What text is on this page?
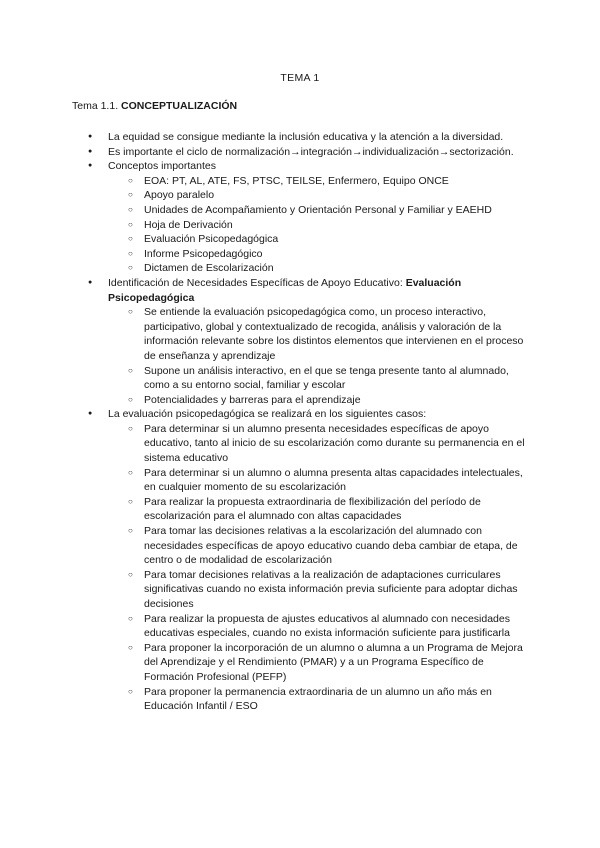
TEMA 1
Tema 1.1. CONCEPTUALIZACIÓN
● La equidad se consigue mediante la inclusión educativa y la atención a la diversidad.
● Es importante el ciclo de normalización→integración→individualización→sectorización.
● Conceptos importantes
○ EOA: PT, AL, ATE, FS, PTSC, TEILSE, Enfermero, Equipo ONCE
○ Apoyo paralelo
○ Unidades de Acompañamiento y Orientación Personal y Familiar y EAEHD
○ Hoja de Derivación
○ Evaluación Psicopedagógica
○ Informe Psicopedagógico
○ Dictamen de Escolarización
● Identificación de Necesidades Específicas de Apoyo Educativo: Evaluación Psicopedagógica
○ Se entiende la evaluación psicopedagógica como, un proceso interactivo, participativo, global y contextualizado de recogida, análisis y valoración de la información relevante sobre los distintos elementos que intervienen en el proceso de enseñanza y aprendizaje
○ Supone un análisis interactivo, en el que se tenga presente tanto al alumnado, como a su entorno social, familiar y escolar
○ Potencialidades y barreras para el aprendizaje
● La evaluación psicopedagógica se realizará en los siguientes casos:
○ Para determinar si un alumno presenta necesidades específicas de apoyo educativo, tanto al inicio de su escolarización como durante su permanencia en el sistema educativo
○ Para determinar si un alumno o alumna presenta altas capacidades intelectuales, en cualquier momento de su escolarización
○ Para realizar la propuesta extraordinaria de flexibilización del período de escolarización para el alumnado con altas capacidades
○ Para tomar las decisiones relativas a la escolarización del alumnado con necesidades específicas de apoyo educativo cuando deba cambiar de etapa, de centro o de modalidad de escolarización
○ Para tomar decisiones relativas a la realización de adaptaciones curriculares significativas cuando no exista información previa suficiente para adoptar dichas decisiones
○ Para realizar la propuesta de ajustes educativos al alumnado con necesidades educativas especiales, cuando no exista información suficiente para justificarla
○ Para proponer la incorporación de un alumno o alumna a un Programa de Mejora del Aprendizaje y el Rendimiento (PMAR) y a un Programa Específico de Formación Profesional (PEFP)
○ Para proponer la permanencia extraordinaria de un alumno un año más en Educación Infantil / ESO
